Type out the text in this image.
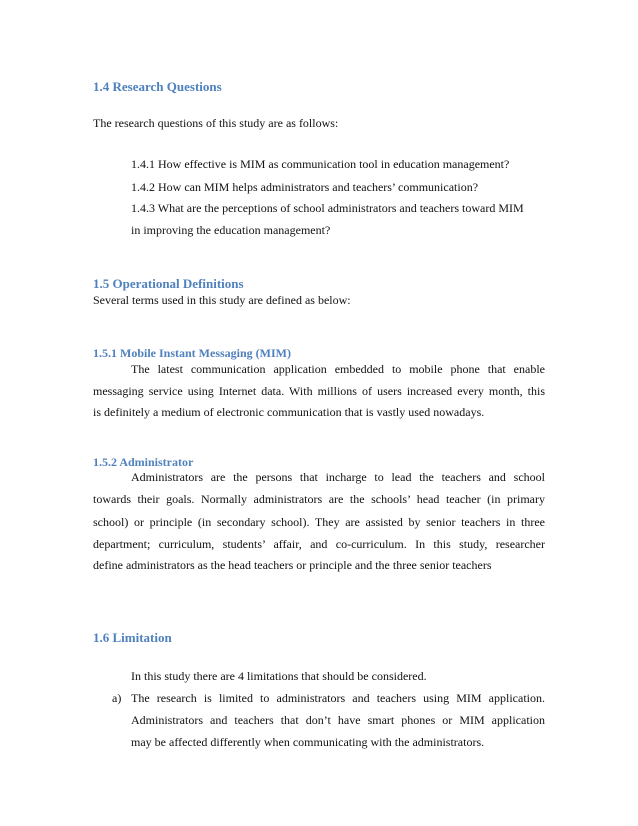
1.4 Research Questions
The research questions of this study are as follows:
1.4.1 How effective is MIM as communication tool in education management?
1.4.2 How can MIM helps administrators and teachers’ communication?
1.4.3 What are the perceptions of school administrators and teachers toward MIM
in improving the education management?
1.5 Operational Definitions
Several terms used in this study are defined as below:
1.5.1 Mobile Instant Messaging (MIM)
The latest communication application embedded to mobile phone that enable
messaging service using Internet data. With millions of users increased every month, this
is definitely a medium of electronic communication that is vastly used nowadays.
1.5.2 Administrator
Administrators are the persons that incharge to lead the teachers and school
towards their goals. Normally administrators are the schools’ head teacher (in primary
school) or principle (in secondary school). They are assisted by senior teachers in three
department; curriculum, students’ affair, and co-curriculum. In this study, researcher
define administrators as the head teachers or principle and the three senior teachers
1.6 Limitation
In this study there are 4 limitations that should be considered.
a) The research is limited to administrators and teachers using MIM application.
Administrators and teachers that don’t have smart phones or MIM application
may be affected differently when communicating with the administrators.
